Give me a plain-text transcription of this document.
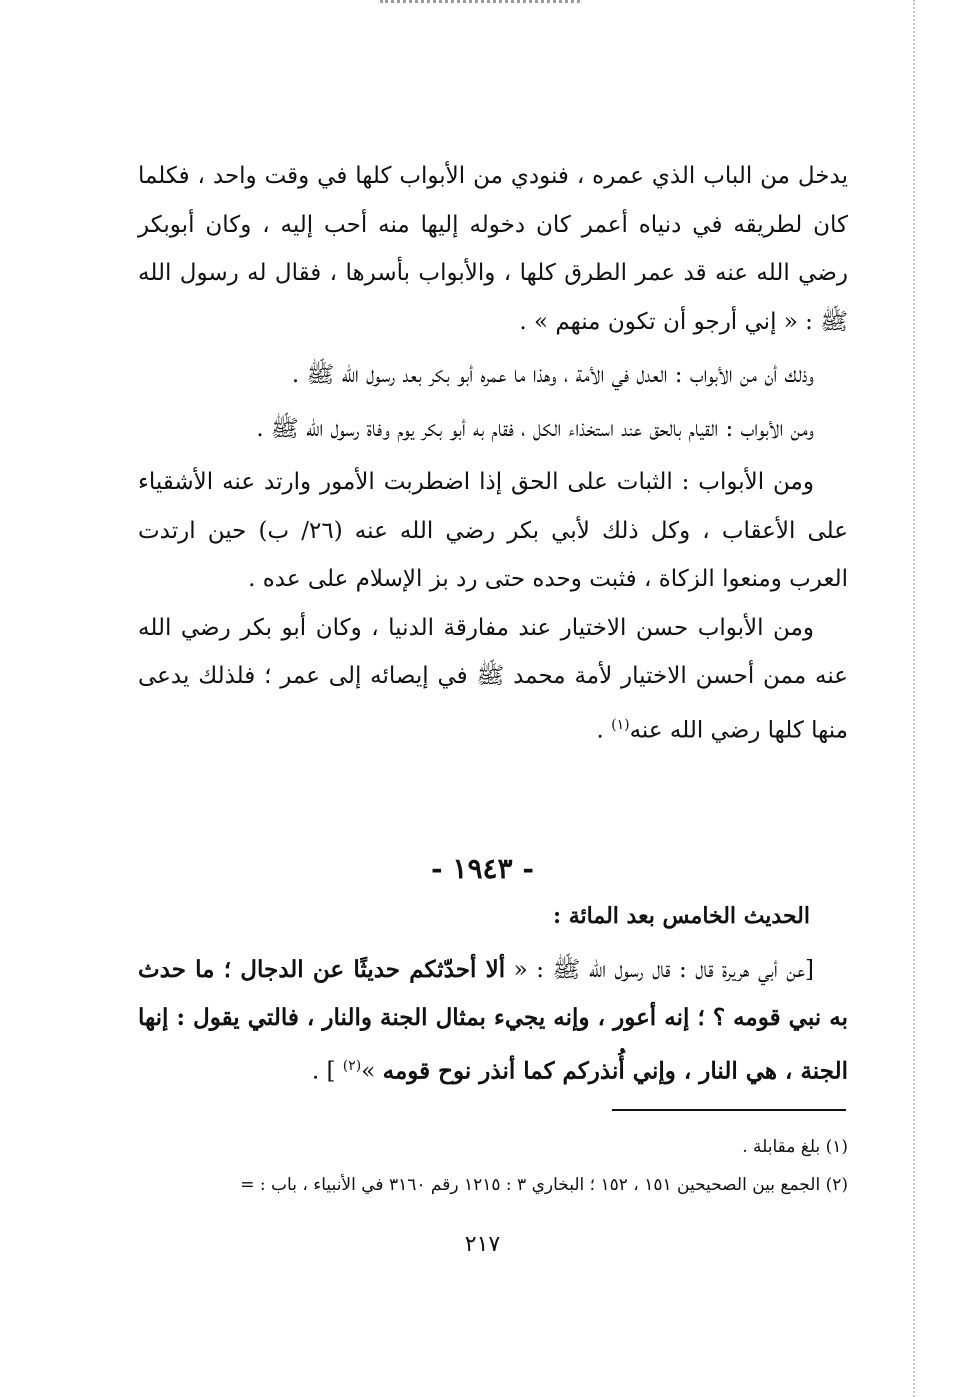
يدخل من الباب الذي عمره ، فنودي من الأبواب كلها في وقت واحد ، فكلما كان لطريقه في دنياه أعمر كان دخوله إليها منه أحب إليه ، وكان أبوبكر رضي الله عنه قد عمر الطرق كلها ، والأبواب بأسرها ، فقال له رسول الله ﷺ : « إني أرجو أن تكون منهم » .

وذلك أن من الأبواب : العدل في الأمة ، وهذا ما عمره أبو بكر بعد رسول الله ﷺ .

ومن الأبواب : القيام بالحق عند استخذاء الكل ، فقام به أبو بكر يوم وفاة رسول الله ﷺ .

ومن الأبواب : الثبات على الحق إذا اضطربت الأمور وارتد عنه الأشقياء على الأعقاب ، وكل ذلك لأبي بكر رضي الله عنه (٢٦/ ب) حين ارتدت العرب ومنعوا الزكاة ، فثبت وحده حتى رد بز الإسلام على عده .

ومن الأبواب حسن الاختيار عند مفارقة الدنيا ، وكان أبو بكر رضي الله عنه ممن أحسن الاختيار لأمة محمد ﷺ في إيصائه إلى عمر ؛ فلذلك يدعى منها كلها رضي الله عنه$^{(١)}$ .

- ١٩٤٣ -
الحديث الخامس بعد المائة :
[عن أبي هريرة قال : قال رسول الله ﷺ : « ألا أحدّثكم حديثًا عن الدجال ؛ ما حدث به نبي قومه ؟ ؛ إنه أعور ، وإنه يجيء بمثال الجنة والنار ، فالتي يقول : إنها الجنة ، هي النار ، وإني أُنذركم كما أنذر نوح قومه »$^{(٢)}$ ] .
(١) بلغ مقابلة .
(٢) الجمع بين الصحيحين ١٥١ ، ١٥٢ ؛ البخاري ٣ : ١٢١٥ رقم ٣١٦٠ في الأنبياء ، باب : =
٢١٧
